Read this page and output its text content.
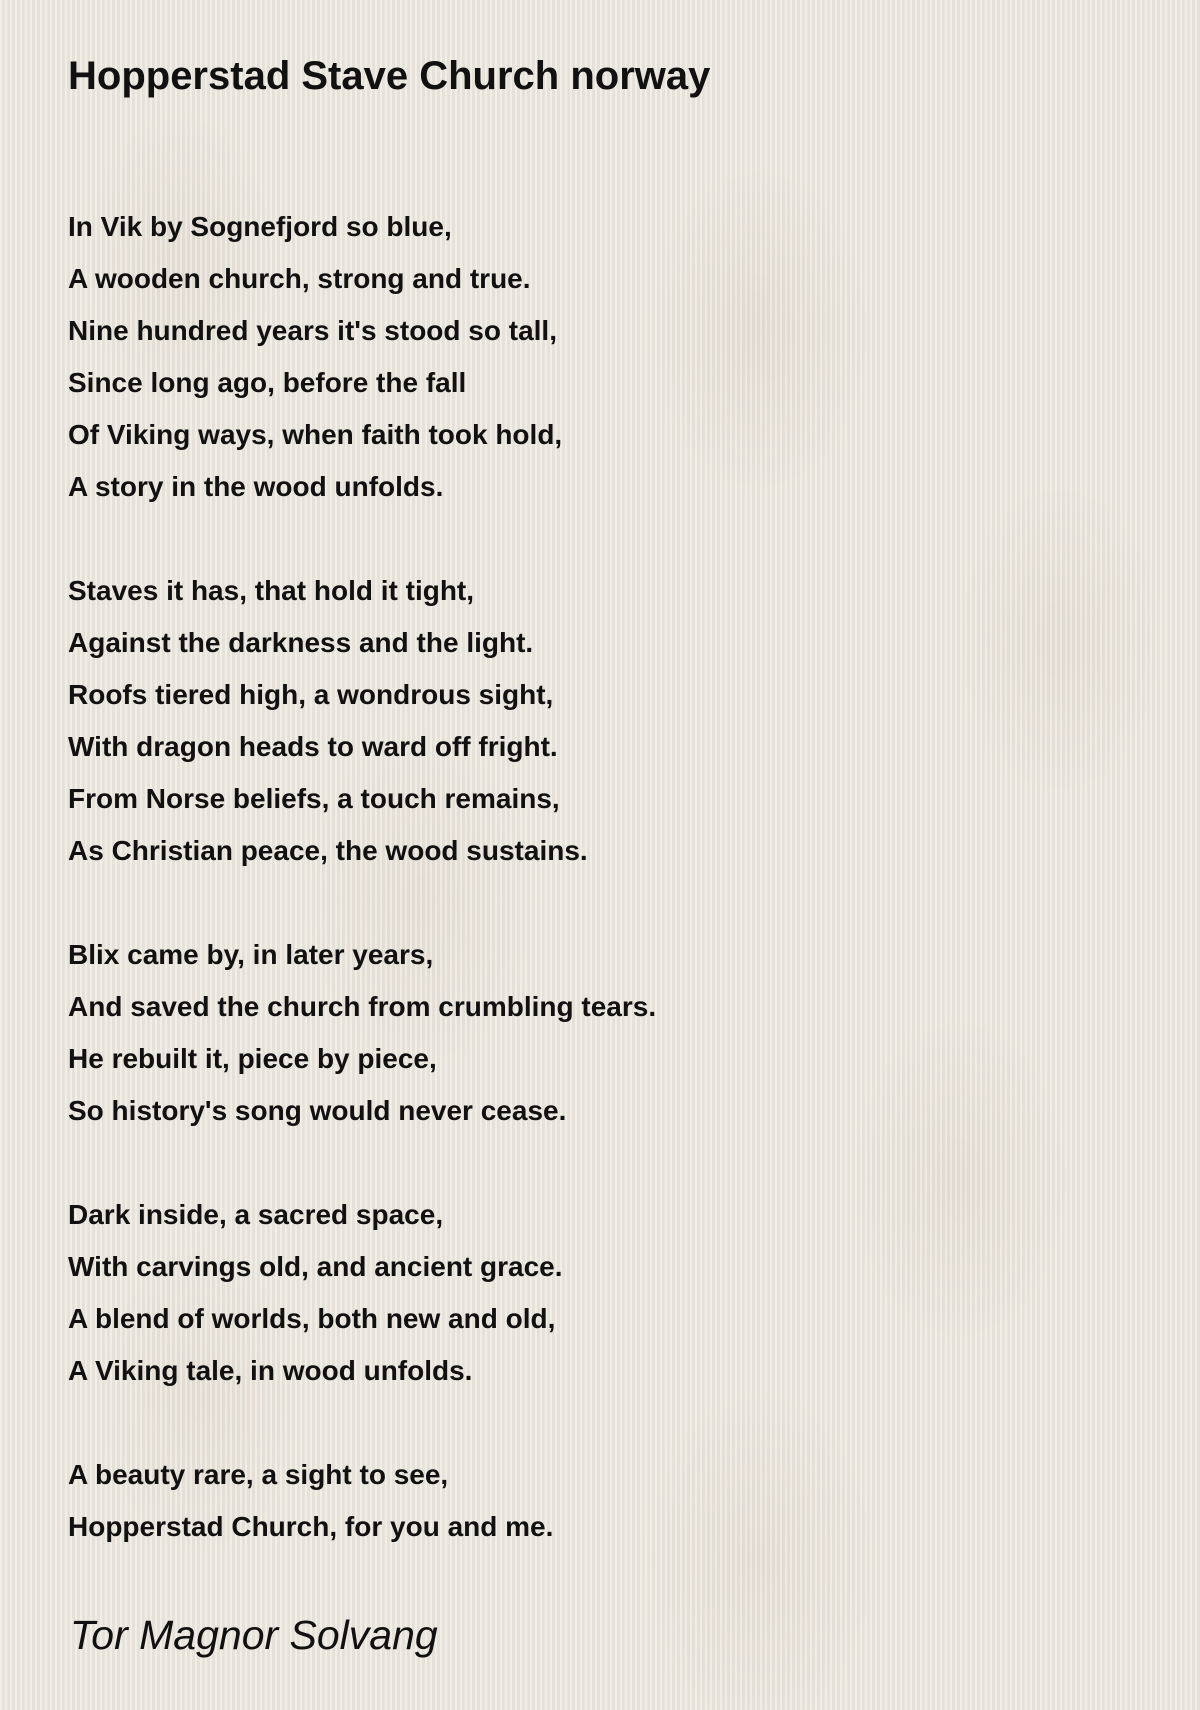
Hopperstad Stave Church norway
In Vik by Sognefjord so blue,
A wooden church, strong and true.
Nine hundred years it's stood so tall,
Since long ago, before the fall
Of Viking ways, when faith took hold,
A story in the wood unfolds.
Staves it has, that hold it tight,
Against the darkness and the light.
Roofs tiered high, a wondrous sight,
With dragon heads to ward off fright.
From Norse beliefs, a touch remains,
As Christian peace, the wood sustains.
Blix came by, in later years,
And saved the church from crumbling tears.
He rebuilt it, piece by piece,
So history's song would never cease.
Dark inside, a sacred space,
With carvings old, and ancient grace.
A blend of worlds, both new and old,
A Viking tale, in wood unfolds.
A beauty rare, a sight to see,
Hopperstad Church, for you and me.
Tor Magnor Solvang
